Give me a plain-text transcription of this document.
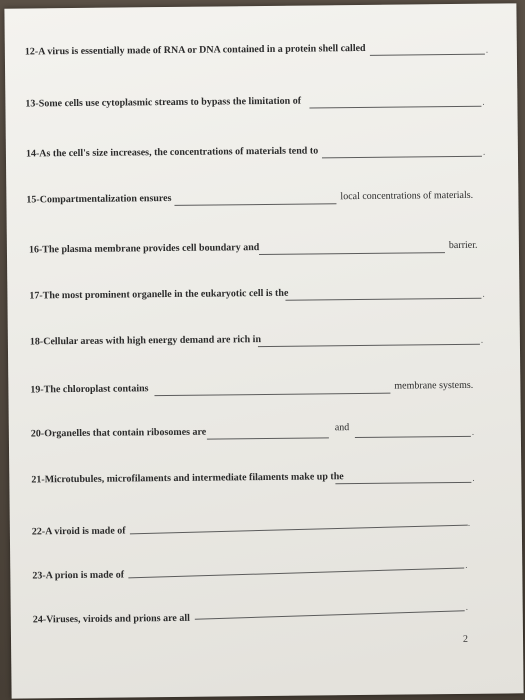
12-A virus is essentially made of RNA or DNA contained in a protein shell called	.
13-Some cells use cytoplasmic streams to bypass the limitation of	.
14-As the cell's size increases, the concentrations of materials tend to	.
15-Compartmentalization ensures	local concentrations of materials.
16-The plasma membrane provides cell boundary and	barrier.
17-The most prominent organelle in the eukaryotic cell is the	.
18-Cellular areas with high energy demand are rich in	.
19-The chloroplast contains	membrane systems.
20-Organelles that contain ribosomes are	and	.
21-Microtubules, microfilaments and intermediate filaments make up the	.
22-A viroid is made of
.
23-A prion is made of
.
24-Viruses, viroids and prions are all
.
2
